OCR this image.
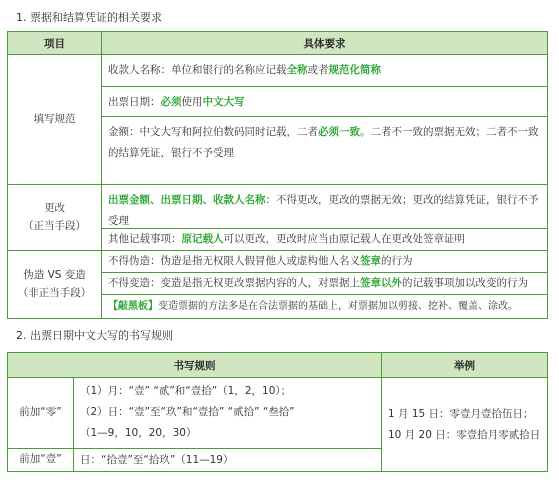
1. 票据和结算凭证的相关要求
项目	具体要求
填写规范
收款人名称：单位和银行的名称应记载全称或者规范化简称
出票日期：必须使用中文大写
金额：中文大写和阿拉伯数码同时记载，二者必须一致。二者不一致的票据无效；二者不一致的结算凭证，银行不予受理
更改
（正当手段）
出票金额、出票日期、收款人名称：不得更改，更改的票据无效；更改的结算凭证，银行不予受理
其他记载事项：原记载人可以更改，更改时应当由原记载人在更改处签章证明
伪造 VS 变造
（非正当手段）
不得伪造：伪造是指无权限人假冒他人或虚构他人名义签章的行为
不得变造：变造是指无权更改票据内容的人，对票据上签章以外的记载事项加以改变的行为
【敲黑板】变造票据的方法多是在合法票据的基础上，对票据加以剪接、挖补、覆盖、涂改。
2. 出票日期中文大写的书写规则
书写规则	举例
前加“零”
（1）月：“壹” “贰”和“壹拾”（1，2，10）；
（2）日：“壹”至“玖”和“壹拾” “贰拾” “叁拾”
（1—9，10，20，30）
前加“壹” 日：“拾壹”至“拾玖”（11—19）
1 月 15 日：零壹月壹拾伍日；
10 月 20 日：零壹拾月零贰拾日
